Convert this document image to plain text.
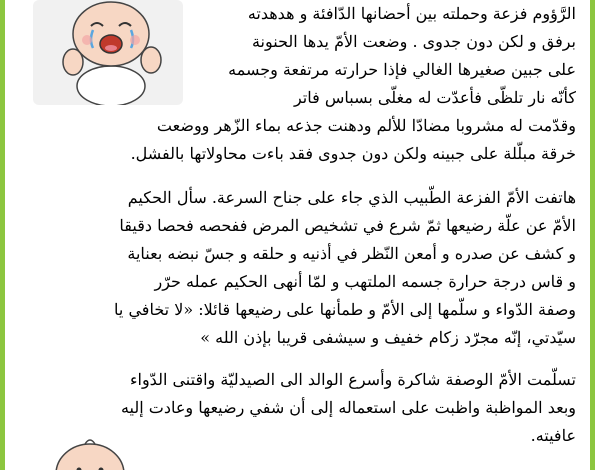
الرَّؤوم فزعة وحملته بين أحضانها الدّافئة و هدهدته
برفق و لكن دون جدوى . وضعت الأمّ يدها الحنونة
على جبين صغيرها الغالي فإذا حرارته مرتفعة وجسمه
كأنّه نار تلظّى فأعدّت له مغلّى بسباس فاتر

وقدّمت له مشروبا مضادّا للألم ودهنت جذعه بماء الزّهر ووضعت
خرقة مبلّلة على جبينه ولكن دون جدوى فقد باءت محاولاتها بالفشل.

هاتفت الأمّ الفزعة الطّبيب الذي جاء على جناح السرعة. سأل الحكيم
الأمّ عن علّة رضيعها ثمّ شرع في تشخيص المرض ففحصه فحصا دقيقا
و كشف عن صدره و أمعن النّظر في أذنيه و حلقه و جسّ نبضه بعناية
و قاس درجة حرارة جسمه الملتهب و لمّا أنهى الحكيم عمله حرّر
وصفة الدّواء و سلّمها إلى الأمّ و طمأنها على رضيعها قائلا: «لا تخافي يا
سيّدتي، إنّه مجرّد زكام خفيف و سيشفى قريبا بإذن الله »

تسلّمت الأمّ الوصفة شاكرة وأسرع الوالد الى الصيدليّة واقتنى الدّواء
وبعد المواظبة واظبت على استعماله إلى أن شفي رضيعها وعادت إليه
عافيته.
